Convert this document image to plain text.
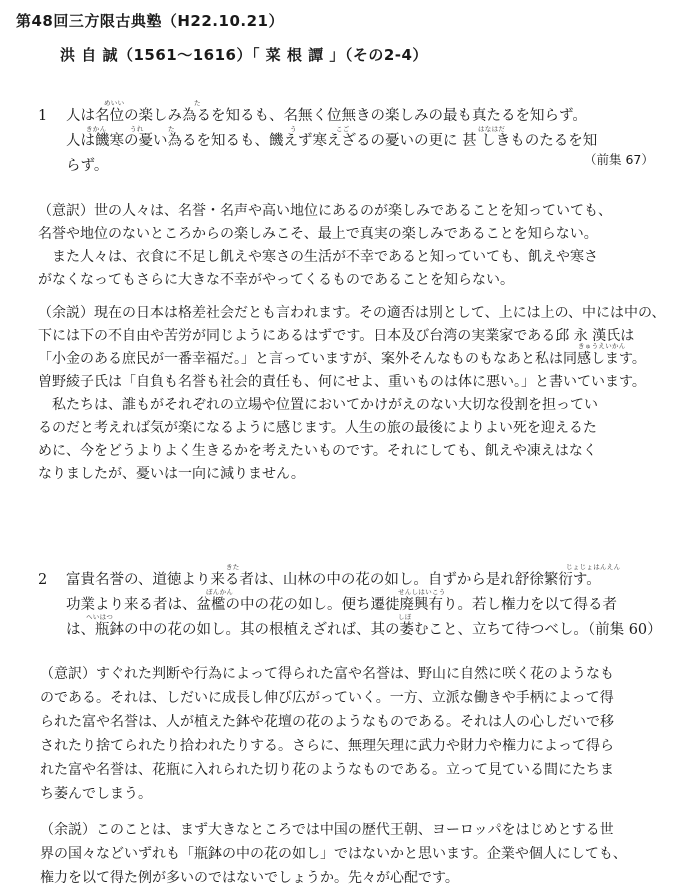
第48回三方限古典塾（H22.10.21）
洪 自 誠（1561〜1616）「 菜 根 譚 」（その2-4）
めいい	た
きかん	うれ	た	う	こご	はなはだ
1 人は名位の楽しみ為るを知るも、名無く位無きの楽しみの最も真たるを知らず。
人は饑寒の憂い為るを知るも、饑えず寒えざるの憂いの更に 甚 しきものたるを知
らず。	（前集 67）
（意訳）世の人々は、名誉・名声や高い地位にあるのが楽しみであることを知っていても、
名誉や地位のないところからの楽しみこそ、最上で真実の楽しみであることを知らない。
　また人々は、衣食に不足し飢えや寒さの生活が不幸であると知っていても、飢えや寒さ
がなくなってもさらに大きな不幸がやってくるものであることを知らない。
きゅうえいかん
（余説）現在の日本は格差社会だとも言われます。その適否は別として、上には上の、中には中の、
下には下の不自由や苦労が同じようにあるはずです。日本及び台湾の実業家である邱 永 漢氏は
「小金のある庶民が一番幸福だ。」と言っていますが、案外そんなものもなあと私は同感します。
曽野綾子氏は「自負も名誉も社会的責任も、何にせよ、重いものは体に悪い。」と書いています。
　私たちは、誰もがそれぞれの立場や位置においてかけがえのない大切な役割を担ってい
るのだと考えれば気が楽になるように感じます。人生の旅の最後によりよい死を迎えるた
めに、今をどうよりよく生きるかを考えたいものです。それにしても、飢えや凍えはなく
なりましたが、憂いは一向に減りません。
きた	じょじょはんえん
ぼんかん	せんしはいこう
へいはつ	しぼ
2 富貴名誉の、道徳より来る者は、山林の中の花の如し。自ずから是れ舒徐繁衍す。
功業より来る者は、盆檻の中の花の如し。便ち遷徙廃興有り。若し権力を以て得る者
は、瓶鉢の中の花の如し。其の根植えざれば、其の萎むこと、立ちて待つべし。（前集 60）
（意訳）すぐれた判断や行為によって得られた富や名誉は、野山に自然に咲く花のようなも
のである。それは、しだいに成長し伸び広がっていく。一方、立派な働きや手柄によって得
られた富や名誉は、人が植えた鉢や花壇の花のようなものである。それは人の心しだいで移
されたり捨てられたり拾われたりする。さらに、無理矢理に武力や財力や権力によって得ら
れた富や名誉は、花瓶に入れられた切り花のようなものである。立って見ている間にたちま
ち萎んでしまう。
（余説）このことは、まず大きなところでは中国の歴代王朝、ヨーロッパをはじめとする世
界の国々などいずれも「瓶鉢の中の花の如し」ではないかと思います。企業や個人にしても、
権力を以て得た例が多いのではないでしょうか。先々が心配です。
